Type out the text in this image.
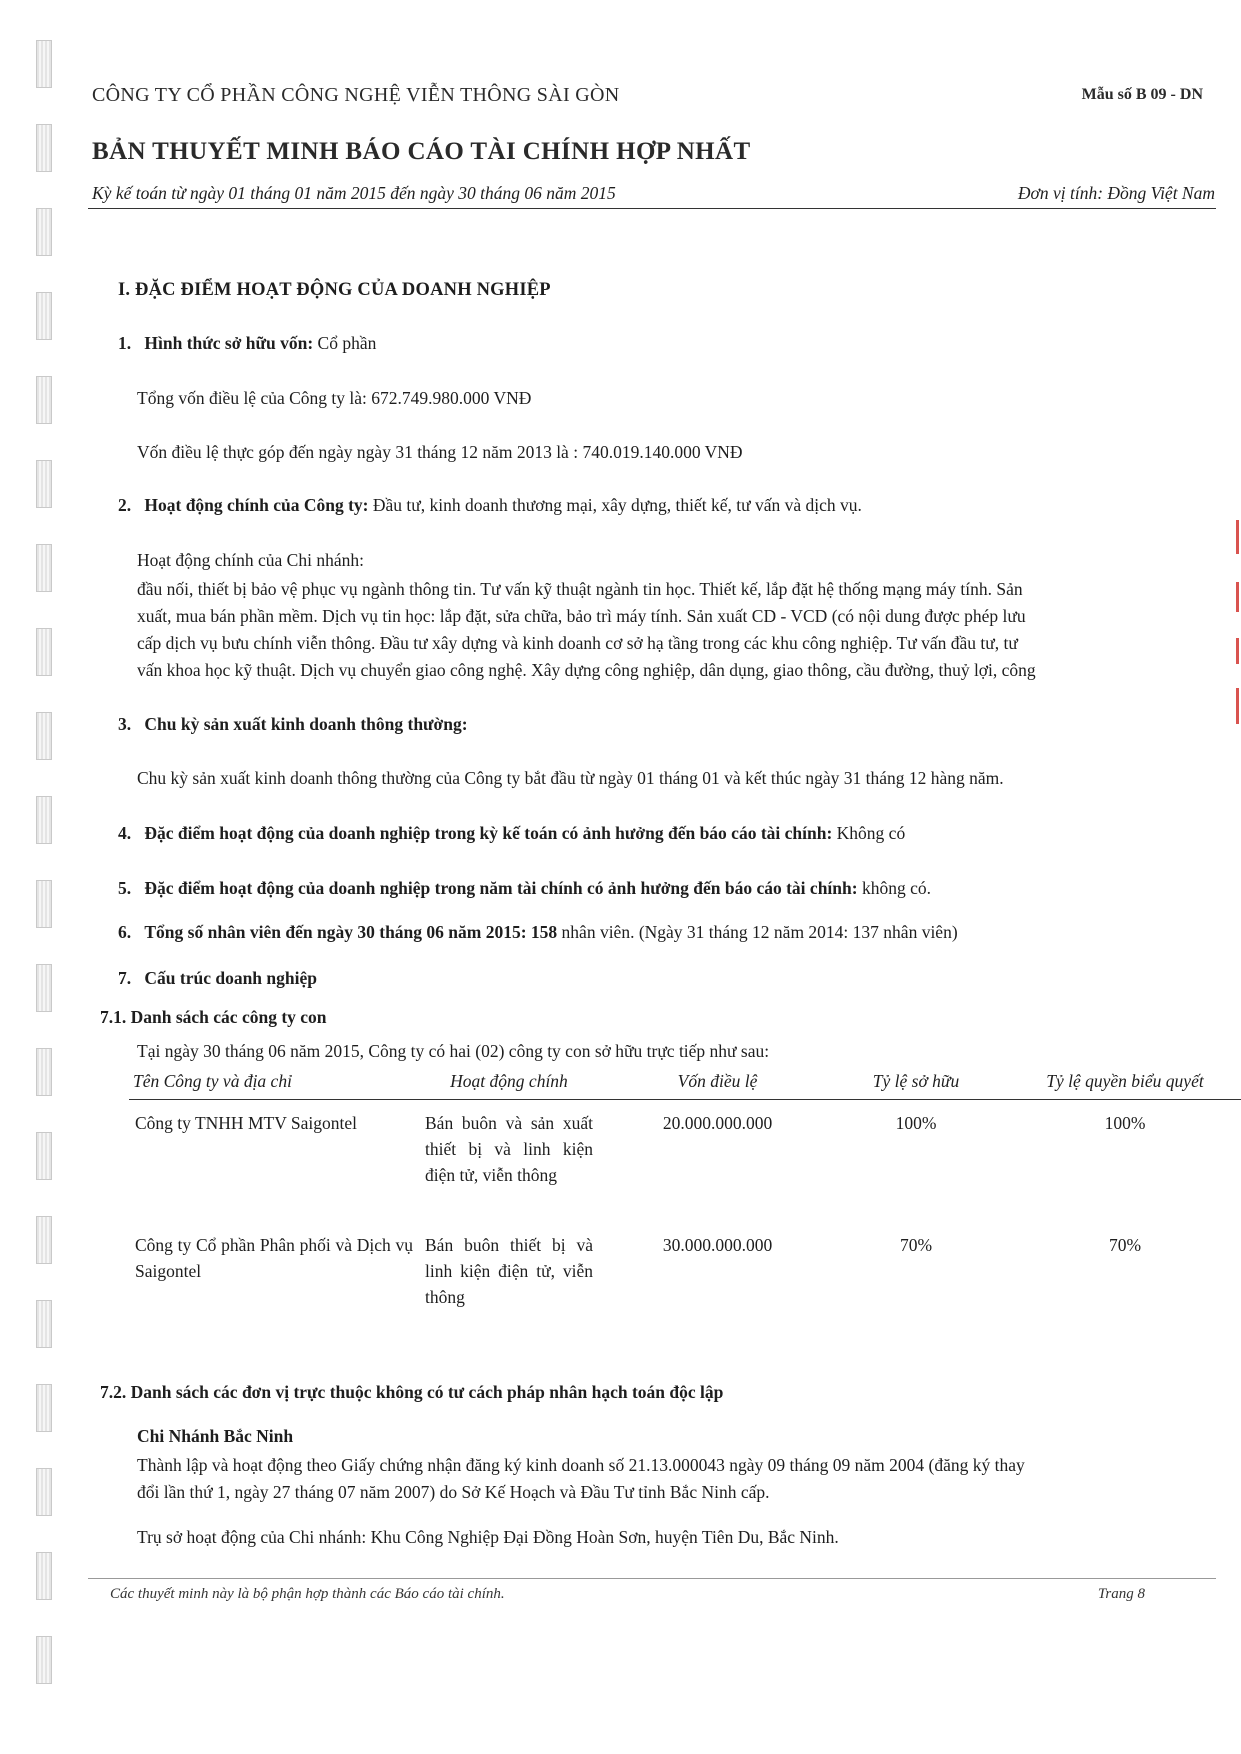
CÔNG TY CỔ PHẦN CÔNG NGHỆ VIỄN THÔNG SÀI GÒN	Mẫu số B 09 - DN
BẢN THUYẾT MINH BÁO CÁO TÀI CHÍNH HỢP NHẤT
Kỳ kế toán từ ngày 01 tháng 01 năm 2015 đến ngày 30 tháng 06 năm 2015	Đơn vị tính: Đồng Việt Nam
I. ĐẶC ĐIỂM HOẠT ĐỘNG CỦA DOANH NGHIỆP
1. Hình thức sở hữu vốn: Cổ phần
Tổng vốn điều lệ của Công ty là: 672.749.980.000 VNĐ
Vốn điều lệ thực góp đến ngày ngày 31 tháng 12 năm 2013 là : 740.019.140.000 VNĐ
2. Hoạt động chính của Công ty: Đầu tư, kinh doanh thương mại, xây dựng, thiết kế, tư vấn và dịch vụ.
Hoạt động chính của Chi nhánh:
đầu nối, thiết bị bảo vệ phục vụ ngành thông tin. Tư vấn kỹ thuật ngành tin học. Thiết kế, lắp đặt hệ thống mạng máy tính. Sản
xuất, mua bán phần mềm. Dịch vụ tin học: lắp đặt, sửa chữa, bảo trì máy tính. Sản xuất CD - VCD (có nội dung được phép lưu
cấp dịch vụ bưu chính viễn thông. Đầu tư xây dựng và kinh doanh cơ sở hạ tầng trong các khu công nghiệp. Tư vấn đầu tư, tư
vấn khoa học kỹ thuật. Dịch vụ chuyển giao công nghệ. Xây dựng công nghiệp, dân dụng, giao thông, cầu đường, thuỷ lợi, công
3. Chu kỳ sản xuất kinh doanh thông thường:
Chu kỳ sản xuất kinh doanh thông thường của Công ty bắt đầu từ ngày 01 tháng 01 và kết thúc ngày 31 tháng 12 hàng năm.
4. Đặc điểm hoạt động của doanh nghiệp trong kỳ kế toán có ảnh hưởng đến báo cáo tài chính: Không có
5. Đặc điểm hoạt động của doanh nghiệp trong năm tài chính có ảnh hưởng đến báo cáo tài chính: không có.
6. Tổng số nhân viên đến ngày 30 tháng 06 năm 2015: 158 nhân viên. (Ngày 31 tháng 12 năm 2014: 137 nhân viên)
7. Cấu trúc doanh nghiệp
7.1. Danh sách các công ty con
Tại ngày 30 tháng 06 năm 2015, Công ty có hai (02) công ty con sở hữu trực tiếp như sau:
Tên Công ty và địa chỉ	Hoạt động chính	Vốn điều lệ	Tỷ lệ sở hữu	Tỷ lệ quyền biểu quyết
Công ty TNHH MTV Saigontel	Bán buôn và sản xuất thiết bị và linh kiện điện tử, viễn thông	20.000.000.000	100%	100%
Công ty Cổ phần Phân phối và Dịch vụ Saigontel	Bán buôn thiết bị và linh kiện điện tử, viễn thông	30.000.000.000	70%	70%
7.2. Danh sách các đơn vị trực thuộc không có tư cách pháp nhân hạch toán độc lập
Chi Nhánh Bắc Ninh
Thành lập và hoạt động theo Giấy chứng nhận đăng ký kinh doanh số 21.13.000043 ngày 09 tháng 09 năm 2004 (đăng ký thay
đổi lần thứ 1, ngày 27 tháng 07 năm 2007) do Sở Kế Hoạch và Đầu Tư tỉnh Bắc Ninh cấp.
Trụ sở hoạt động của Chi nhánh: Khu Công Nghiệp Đại Đồng Hoàn Sơn, huyện Tiên Du, Bắc Ninh.
Các thuyết minh này là bộ phận hợp thành các Báo cáo tài chính.	Trang 8
